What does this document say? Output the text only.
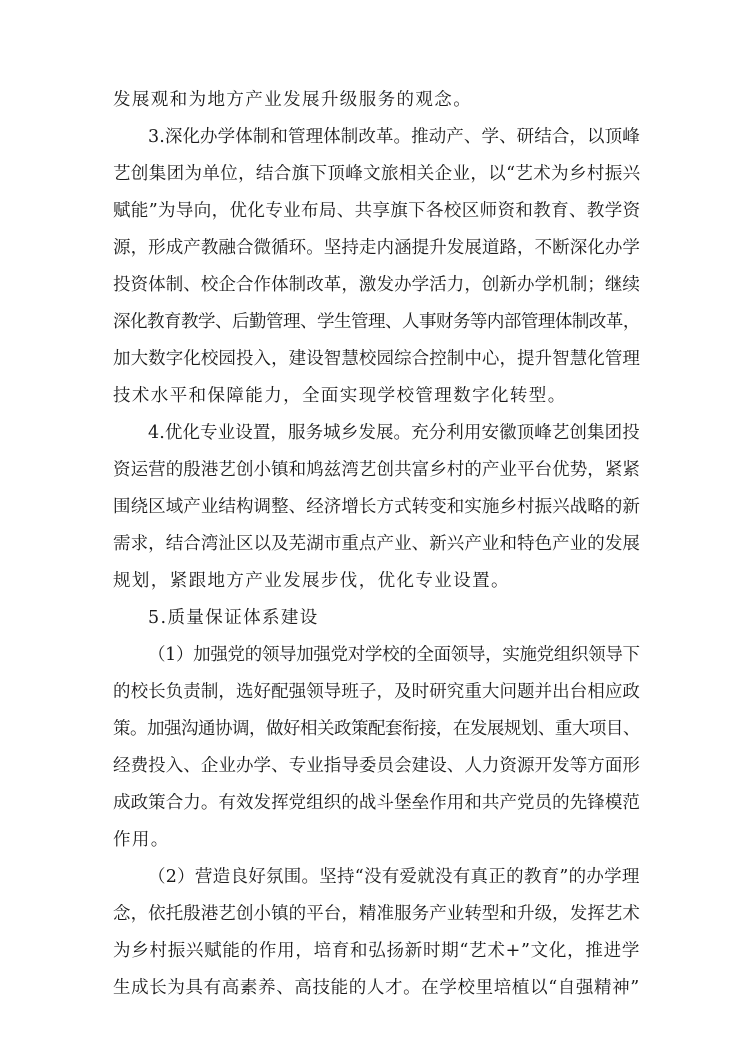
发展观和为地方产业发展升级服务的观念。
3.深化办学体制和管理体制改革。推动产、学、研结合，以顶峰
艺创集团为单位，结合旗下顶峰文旅相关企业，以“艺术为乡村振兴
赋能”为导向，优化专业布局、共享旗下各校区师资和教育、教学资
源，形成产教融合微循环。坚持走内涵提升发展道路，不断深化办学
投资体制、校企合作体制改革，激发办学活力，创新办学机制；继续
深化教育教学、后勤管理、学生管理、人事财务等内部管理体制改革，
加大数字化校园投入，建设智慧校园综合控制中心，提升智慧化管理
技术水平和保障能力，全面实现学校管理数字化转型。
4.优化专业设置，服务城乡发展。充分利用安徽顶峰艺创集团投
资运营的殷港艺创小镇和鸠兹湾艺创共富乡村的产业平台优势，紧紧
围绕区域产业结构调整、经济增长方式转变和实施乡村振兴战略的新
需求，结合湾沚区以及芜湖市重点产业、新兴产业和特色产业的发展
规划，紧跟地方产业发展步伐，优化专业设置。
5.质量保证体系建设
（1）加强党的领导加强党对学校的全面领导，实施党组织领导下
的校长负责制，选好配强领导班子，及时研究重大问题并出台相应政
策。加强沟通协调，做好相关政策配套衔接，在发展规划、重大项目、
经费投入、企业办学、专业指导委员会建设、人力资源开发等方面形
成政策合力。有效发挥党组织的战斗堡垒作用和共产党员的先锋模范
作用。
（2）营造良好氛围。坚持“没有爱就没有真正的教育”的办学理
念，依托殷港艺创小镇的平台，精准服务产业转型和升级，发挥艺术
为乡村振兴赋能的作用，培育和弘扬新时期“艺术+”文化，推进学
生成长为具有高素养、高技能的人才。在学校里培植以“自强精神”
